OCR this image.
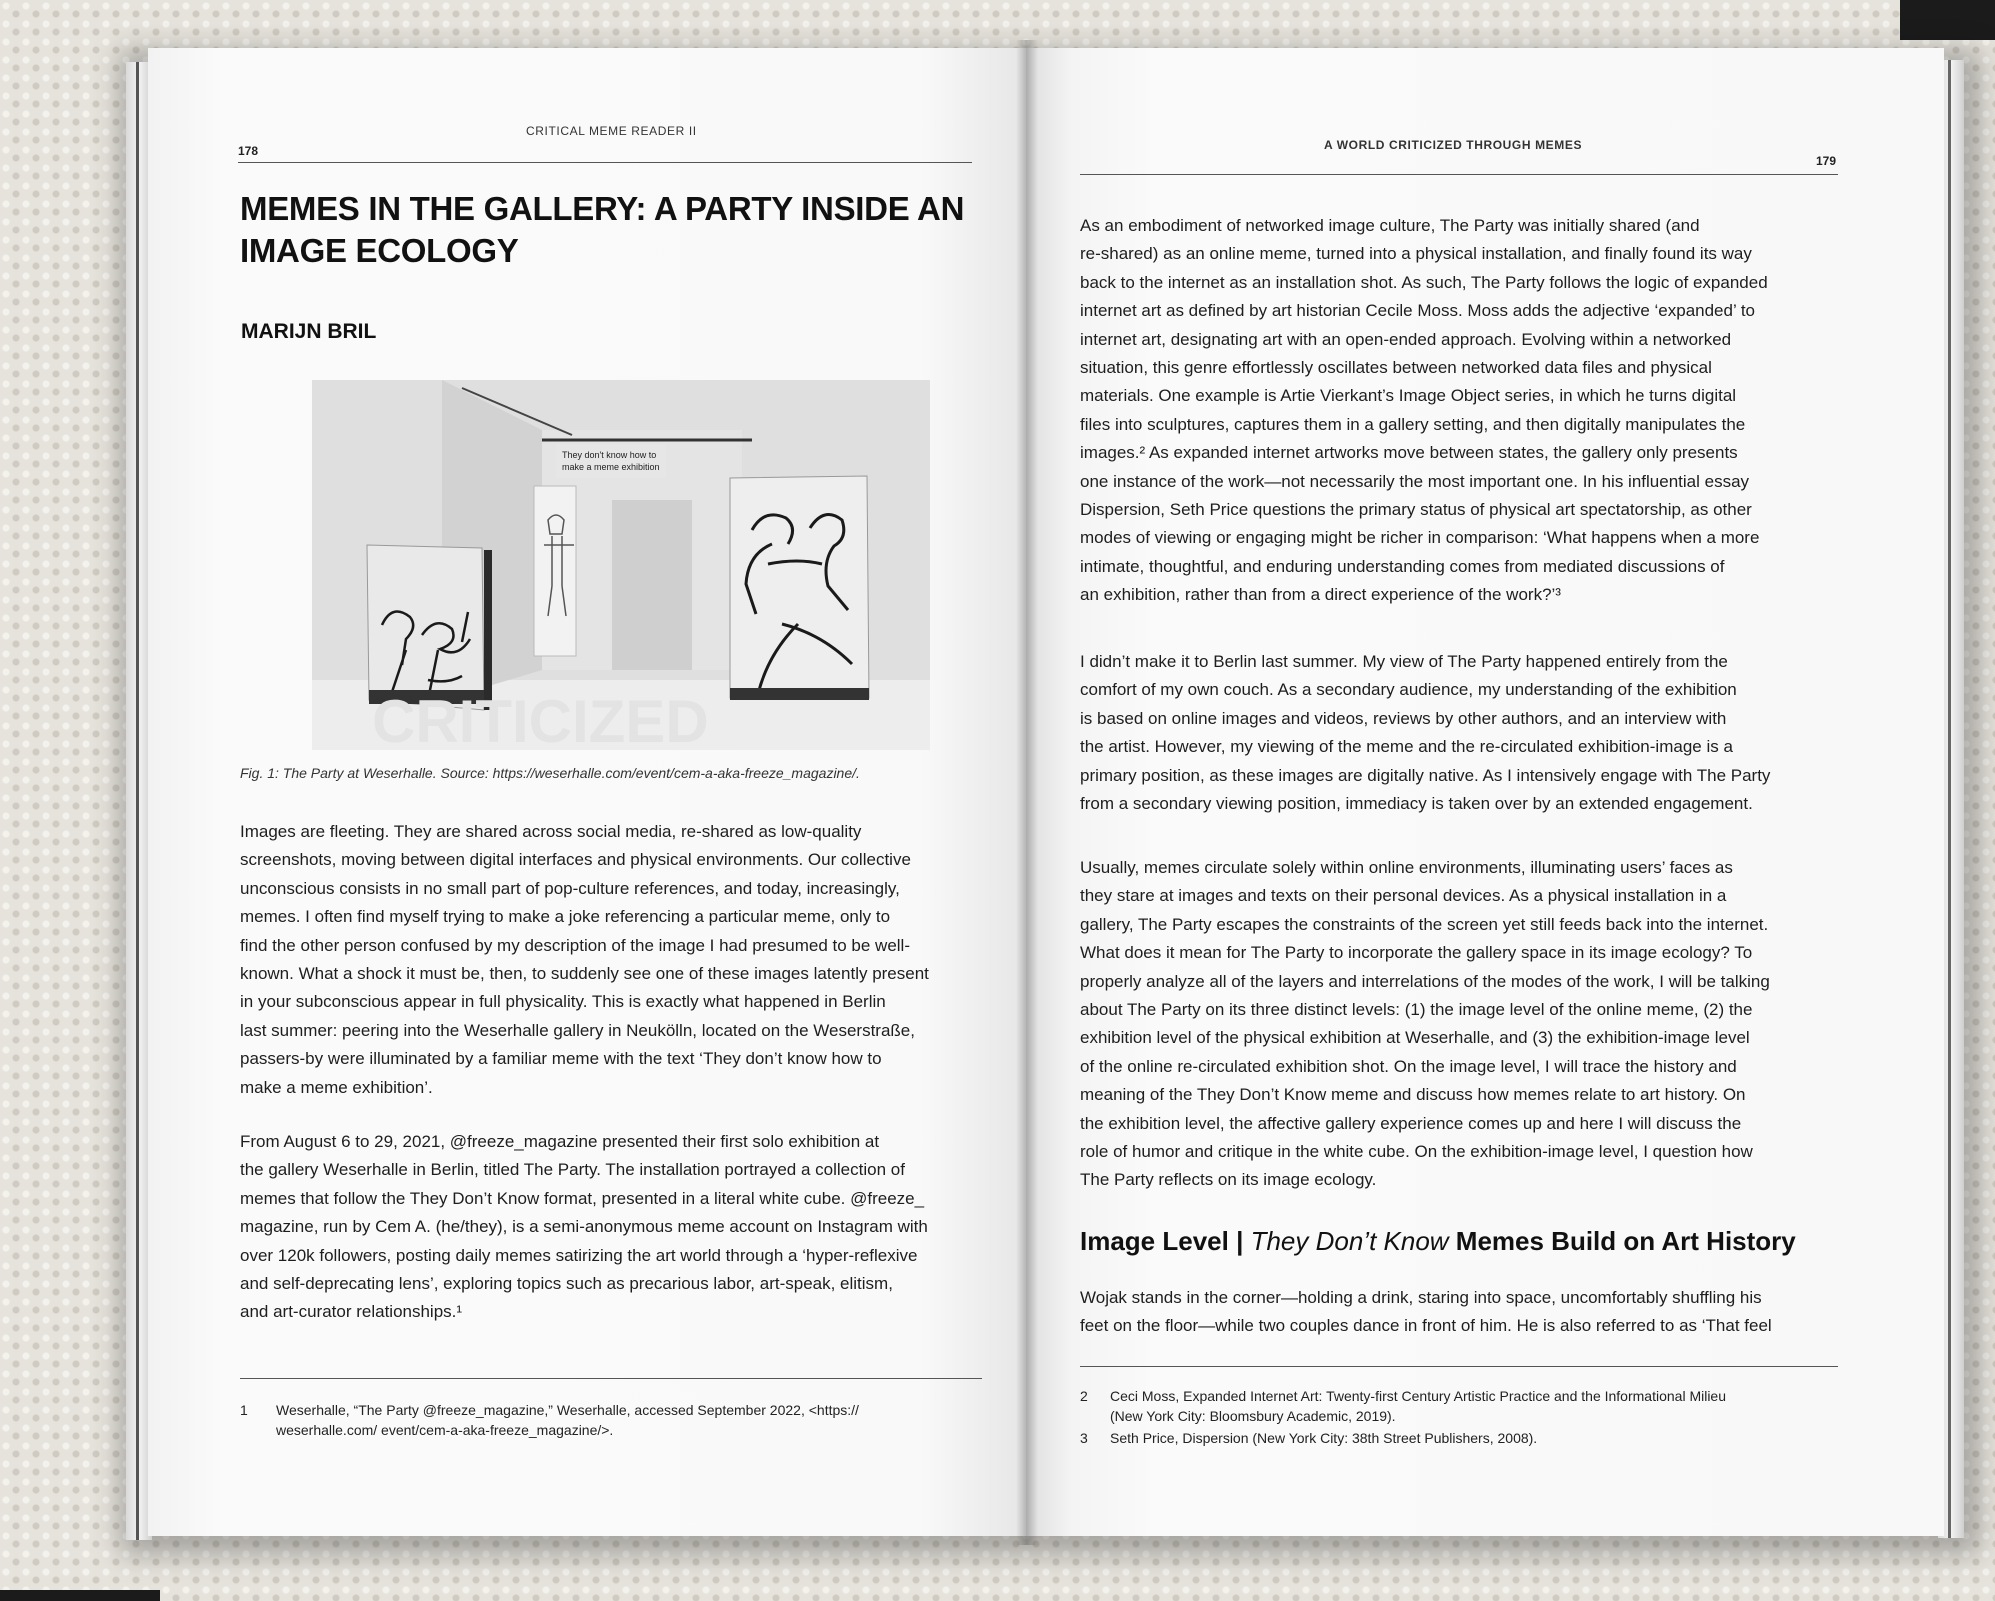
CRITICAL MEME READER II
178
MEMES IN THE GALLERY: A PARTY INSIDE AN
IMAGE ECOLOGY
MARIJN BRIL
Fig. 1: The Party at Weserhalle. Source: https://weserhalle.com/event/cem-a-aka-freeze_magazine/.
Images are fleeting. They are shared across social media, re-shared as low-quality
screenshots, moving between digital interfaces and physical environments. Our collective
unconscious consists in no small part of pop-culture references, and today, increasingly,
memes. I often find myself trying to make a joke referencing a particular meme, only to
find the other person confused by my description of the image I had presumed to be well-
known. What a shock it must be, then, to suddenly see one of these images latently present
in your subconscious appear in full physicality. This is exactly what happened in Berlin
last summer: peering into the Weserhalle gallery in Neukölln, located on the Weserstraße,
passers-by were illuminated by a familiar meme with the text ‘They don’t know how to
make a meme exhibition’.
From August 6 to 29, 2021, @freeze_magazine presented their first solo exhibition at
the gallery Weserhalle in Berlin, titled The Party. The installation portrayed a collection of
memes that follow the They Don’t Know format, presented in a literal white cube. @freeze_
magazine, run by Cem A. (he/they), is a semi-anonymous meme account on Instagram with
over 120k followers, posting daily memes satirizing the art world through a ‘hyper-reflexive
and self-deprecating lens’, exploring topics such as precarious labor, art-speak, elitism,
and art-curator relationships.¹
1 Weserhalle, “The Party @freeze_magazine,” Weserhalle, accessed September 2022, <https://
weserhalle.com/ event/cem-a-aka-freeze_magazine/>.
They don't know how to
make a meme exhibition
CRITICIZED
A WORLD CRITICIZED THROUGH MEMES
179
As an embodiment of networked image culture, The Party was initially shared (and
re-shared) as an online meme, turned into a physical installation, and finally found its way
back to the internet as an installation shot. As such, The Party follows the logic of expanded
internet art as defined by art historian Cecile Moss. Moss adds the adjective ‘expanded’ to
internet art, designating art with an open-ended approach. Evolving within a networked
situation, this genre effortlessly oscillates between networked data files and physical
materials. One example is Artie Vierkant’s Image Object series, in which he turns digital
files into sculptures, captures them in a gallery setting, and then digitally manipulates the
images.² As expanded internet artworks move between states, the gallery only presents
one instance of the work—not necessarily the most important one. In his influential essay
Dispersion, Seth Price questions the primary status of physical art spectatorship, as other
modes of viewing or engaging might be richer in comparison: ‘What happens when a more
intimate, thoughtful, and enduring understanding comes from mediated discussions of
an exhibition, rather than from a direct experience of the work?’³
I didn’t make it to Berlin last summer. My view of The Party happened entirely from the
comfort of my own couch. As a secondary audience, my understanding of the exhibition
is based on online images and videos, reviews by other authors, and an interview with
the artist. However, my viewing of the meme and the re-circulated exhibition-image is a
primary position, as these images are digitally native. As I intensively engage with The Party
from a secondary viewing position, immediacy is taken over by an extended engagement.
Usually, memes circulate solely within online environments, illuminating users’ faces as
they stare at images and texts on their personal devices. As a physical installation in a
gallery, The Party escapes the constraints of the screen yet still feeds back into the internet.
What does it mean for The Party to incorporate the gallery space in its image ecology? To
properly analyze all of the layers and interrelations of the modes of the work, I will be talking
about The Party on its three distinct levels: (1) the image level of the online meme, (2) the
exhibition level of the physical exhibition at Weserhalle, and (3) the exhibition-image level
of the online re-circulated exhibition shot. On the image level, I will trace the history and
meaning of the They Don’t Know meme and discuss how memes relate to art history. On
the exhibition level, the affective gallery experience comes up and here I will discuss the
role of humor and critique in the white cube. On the exhibition-image level, I question how
The Party reflects on its image ecology.
Image Level | They Don’t Know Memes Build on Art History
Wojak stands in the corner—holding a drink, staring into space, uncomfortably shuffling his
feet on the floor—while two couples dance in front of him. He is also referred to as ‘That feel
2 Ceci Moss, Expanded Internet Art: Twenty-first Century Artistic Practice and the Informational Milieu
(New York City: Bloomsbury Academic, 2019).
3 Seth Price, Dispersion (New York City: 38th Street Publishers, 2008).
